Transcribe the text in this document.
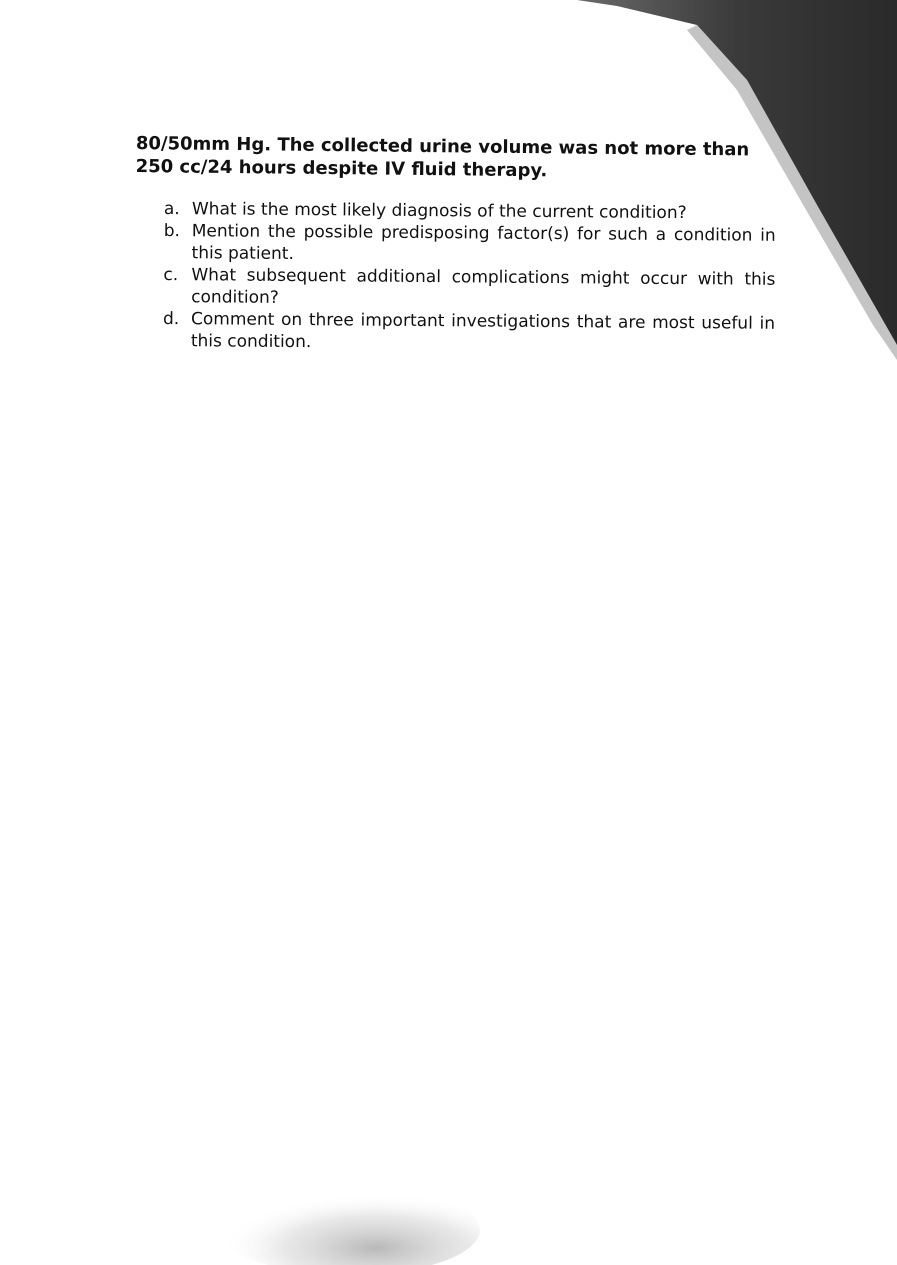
80/50mm Hg. The collected urine volume was not more than
250 cc/24 hours despite IV fluid therapy.

a. What is the most likely diagnosis of the current condition?
b. Mention the possible predisposing factor(s) for such a condition in this patient.
c. What subsequent additional complications might occur with this condition?
d. Comment on three important investigations that are most useful in this condition.
